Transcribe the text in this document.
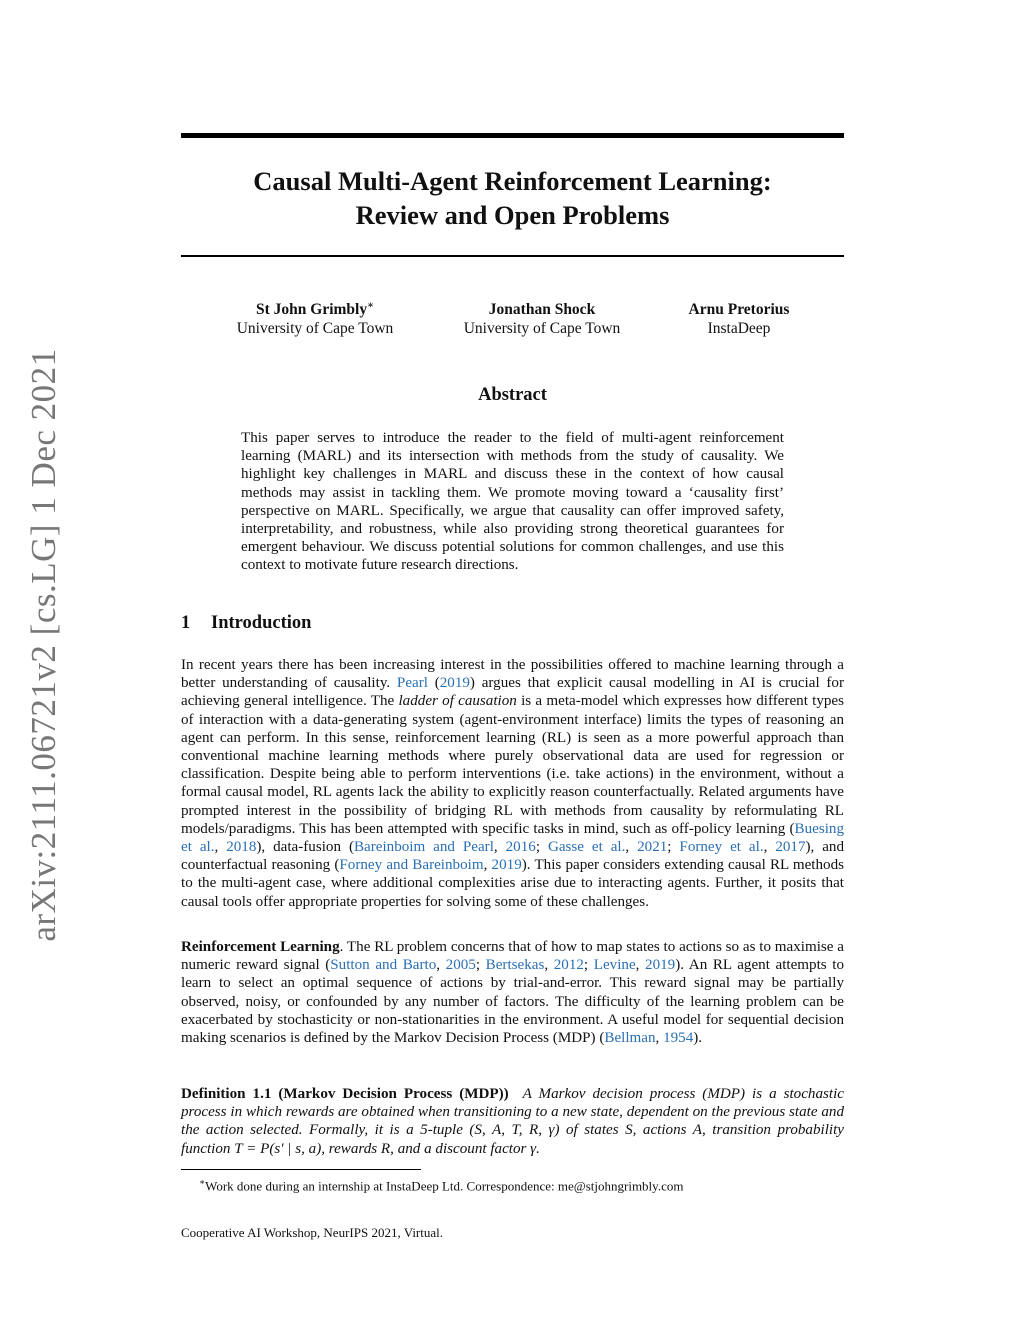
arXiv:2111.06721v2 [cs.LG] 1 Dec 2021
Causal Multi-Agent Reinforcement Learning:
Review and Open Problems
St John Grimbly∗
University of Cape Town
Jonathan Shock
University of Cape Town
Arnu Pretorius
InstaDeep
Abstract
This paper serves to introduce the reader to the field of multi-agent reinforcement learning (MARL) and its intersection with methods from the study of causality. We highlight key challenges in MARL and discuss these in the context of how causal methods may assist in tackling them. We promote moving toward a ‘causality first’ perspective on MARL. Specifically, we argue that causality can offer improved safety, interpretability, and robustness, while also providing strong theoretical guarantees for emergent behaviour. We discuss potential solutions for common challenges, and use this context to motivate future research directions.
1 Introduction
In recent years there has been increasing interest in the possibilities offered to machine learning through a better understanding of causality. Pearl (2019) argues that explicit causal modelling in AI is crucial for achieving general intelligence. The ladder of causation is a meta-model which expresses how different types of interaction with a data-generating system (agent-environment interface) limits the types of reasoning an agent can perform. In this sense, reinforcement learning (RL) is seen as a more powerful approach than conventional machine learning methods where purely observational data are used for regression or classification. Despite being able to perform interventions (i.e. take actions) in the environment, without a formal causal model, RL agents lack the ability to explicitly reason counterfactually. Related arguments have prompted interest in the possibility of bridging RL with methods from causality by reformulating RL models/paradigms. This has been attempted with specific tasks in mind, such as off-policy learning (Buesing et al., 2018), data-fusion (Bareinboim and Pearl, 2016; Gasse et al., 2021; Forney et al., 2017), and counterfactual reasoning (Forney and Bareinboim, 2019). This paper considers extending causal RL methods to the multi-agent case, where additional complexities arise due to interacting agents. Further, it posits that causal tools offer appropriate properties for solving some of these challenges.
Reinforcement Learning. The RL problem concerns that of how to map states to actions so as to maximise a numeric reward signal (Sutton and Barto, 2005; Bertsekas, 2012; Levine, 2019). An RL agent attempts to learn to select an optimal sequence of actions by trial-and-error. This reward signal may be partially observed, noisy, or confounded by any number of factors. The difficulty of the learning problem can be exacerbated by stochasticity or non-stationarities in the environment. A useful model for sequential decision making scenarios is defined by the Markov Decision Process (MDP) (Bellman, 1954).
Definition 1.1 (Markov Decision Process (MDP)) A Markov decision process (MDP) is a stochastic process in which rewards are obtained when transitioning to a new state, dependent on the previous state and the action selected. Formally, it is a 5-tuple (S, A, T, R, γ) of states S, actions A, transition probability function T = P(s′ | s, a), rewards R, and a discount factor γ.
∗Work done during an internship at InstaDeep Ltd. Correspondence: me@stjohngrimbly.com
Cooperative AI Workshop, NeurIPS 2021, Virtual.
